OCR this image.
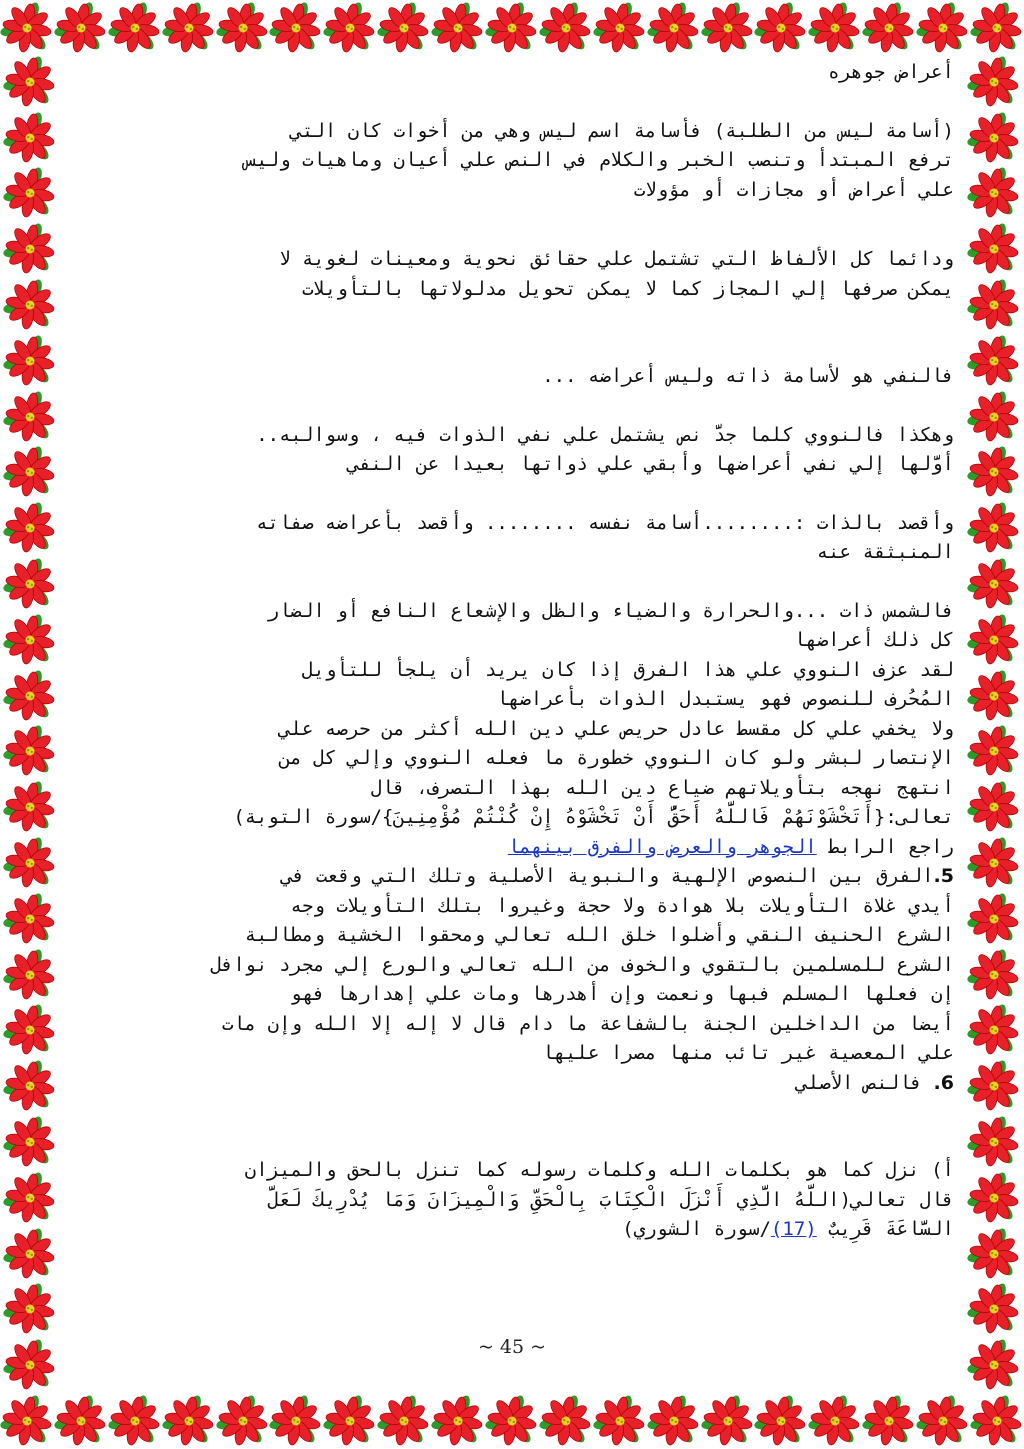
أعراض جوهره

(أسامة ليس من الطلبة) فأسامة اسم ليس وهي من أخوات كان التي

ترفع المبتدأ وتنصب الخبر والكلام في النص علي أعيان وماهيات وليس

علي أعراض أو مجازات أو مؤولات

ودائما كل الألفاظ التي تشتمل علي حقائق نحوية ومعينات لغوية لا

يمكن صرفها إلي المجاز كما لا يمكن تحويل مدلولاتها بالتأويلات

فالنفي هو لأسامة ذاته وليس أعراضه ...

وهكذا فالنووي كلما جدَّ نص يشتمل علي نفي الذوات فيه ، وسوالبه..

أوَّلها إلي نفي أعراضها وأبقي علي ذواتها بعيدا عن النفي

وأقصد بالذات :........أسامة نفسه ........ وأقصد بأعراضه صفاته

المنبثقة عنه

فالشمس ذات ...والحرارة والضياء والظل والإشعاع النافع أو الضار

كل ذلك أعراضها

لقد عزف النووي علي هذا الفرق إذا كان يريد أن يلجأ للتأويل

المُحُرف للنصوص فهو يستبدل الذوات بأعراضها

ولا يخفي علي كل مقسط عادل حريص علي دين الله أكثر من حرصه علي

الإنتصار لبشر ولو كان النووي خطورة ما فعله النووي وإلي كل من

انتهج نهجه بتأويلاتهم ضياع دين الله بهذا التصرف، قال

تعالى:{أَتَخْشَوْنَهُمْ فَاللَّهُ أَحَقُّ أَنْ تَخْشَوْهُ إِنْ كُنْتُمْ مُؤْمِنِينَ}/سورة التوبة)

راجع الرابط الجوهر والعرض والفرق بينهما

5.الفرق بين النصوص الإلهية والنبوية الأصلية وتلك التي وقعت في

أيدي غلاة التأويلات بلا هوادة ولا حجة وغيروا بتلك التأويلات وجه

الشرع الحنيف النقي وأضلوا خلق الله تعالي ومحقوا الخشية ومطالبة

الشرع للمسلمين بالتقوي والخوف من الله تعالي والورع إلي مجرد نوافل

إن فعلها المسلم فبها ونعمت وإن أهدرها ومات علي إهدارها فهو

أيضا من الداخلين الجنة بالشفاعة ما دام قال لا إله إلا الله وإن مات

علي المعصية غير تائب منها مصرا عليها

6. فالنص الأصلي

أ) نزل كما هو بكلمات الله وكلمات رسوله كما تنزل بالحق والميزان

قال تعالي(اللَّهُ الَّذِي أَنْزَلَ الْكِتَابَ بِالْحَقِّ وَالْمِيزَانَ وَمَا يُدْرِيكَ لَعَلَّ

السَّاعَةَ قَرِيبٌ (17)/سورة الشوري)

~ 45 ~
